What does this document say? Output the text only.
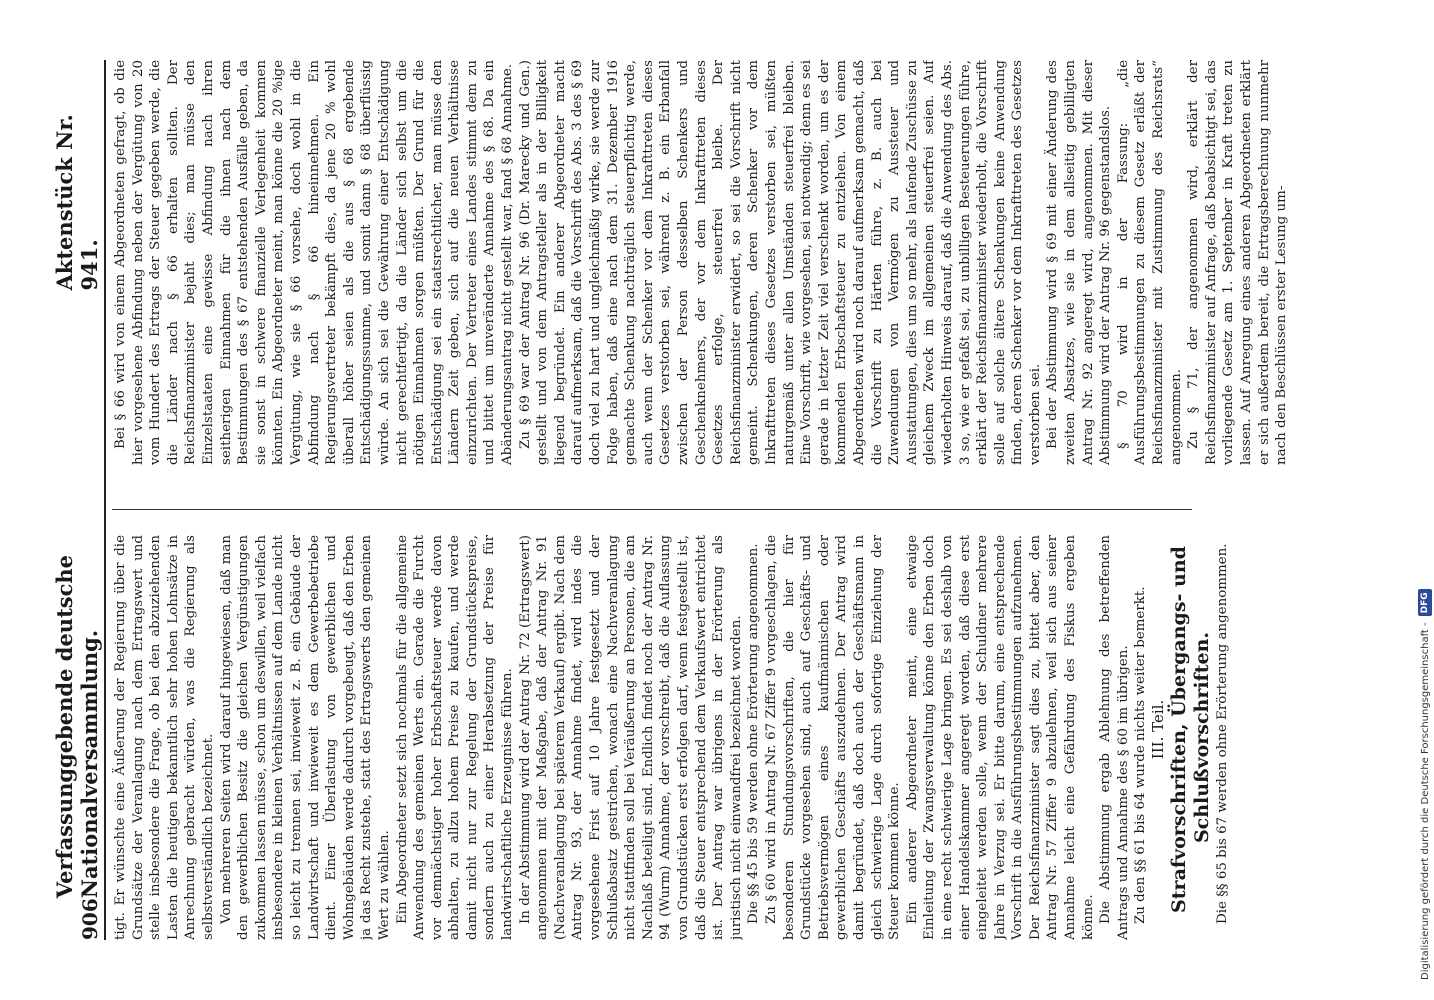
906
Verfassunggebende deutsche Nationalversammlung.
Aktenstück Nr. 941.

tigt. Er wünschte eine Äußerung der Regierung über die Grundsätze der Veranlagung nach dem Ertragswert und stelle insbesondere die Frage, ob bei den abzuziehenden Lasten die heutigen bekanntlich sehr hohen Lohnsätze in Anrechnung gebracht würden, was die Regierung als selbstverständlich bezeichnet. Von mehreren Seiten wird darauf hingewiesen, daß man den gewerblichen Besitz die gleichen Vergünstigungen zukommen lassen müsse, schon um deswillen, weil vielfach insbesondere in kleinen Verhältnissen auf dem Lande nicht so leicht zu trennen sei, inwieweit z. B. ein Gebäude der Landwirtschaft und inwieweit es dem Gewerbebetriebe dient. Einer Überlastung von gewerblichen und Wohngebäuden werde dadurch vorgebeugt, daß den Erben ja das Recht zustehe, statt des Ertragswerts den gemeinen Wert zu wählen. Ein Abgeordneter setzt sich nochmals für die allgemeine Anwendung des gemeinen Werts ein. Gerade die Furcht vor demnächstiger hoher Erbschaftsteuer werde davon abhalten, zu allzu hohem Preise zu kaufen, und werde damit nicht nur zur Regelung der Grundstückspreise, sondern auch zu einer Herabsetzung der Preise für landwirtschaftliche Erzeugnisse führen. In der Abstimmung wird der Antrag Nr. 72 (Ertragswert) angenommen mit der Maßgabe, daß der Antrag Nr. 91 (Nachveranlagung bei späterem Verkauf) ergibt. Nach dem Antrag Nr. 93, der Annahme findet, wird indes die vorgesehene Frist auf 10 Jahre festgesetzt und der Schlußabsatz gestrichen, wonach eine Nachveranlagung nicht stattfinden soll bei Veräußerung an Personen, die am Nachlaß beteiligt sind. Endlich findet noch der Antrag Nr. 94 (Wurm) Annahme, der vorschreibt, daß die Auflassung von Grundstücken erst erfolgen darf, wenn festgestellt ist, daß die Steuer entsprechend dem Verkaufswert entrichtet ist. Der Antrag war übrigens in der Erörterung als juristisch nicht einwandfrei bezeichnet worden. Die §§ 45 bis 59 werden ohne Erörterung angenommen. Zu § 60 wird in Antrag Nr. 67 Ziffer 9 vorgeschlagen, die besonderen Stundungsvorschriften, die hier für Grundstücke vorgesehen sind, auch auf Geschäfts- und Betriebsvermögen eines kaufmännischen oder gewerblichen Geschäfts auszudehnen. Der Antrag wird damit begründet, daß doch auch der Geschäftsmann in gleich schwierige Lage durch sofortige Einziehung der Steuer kommen könne. Ein anderer Abgeordneter meint, eine etwaige Einleitung der Zwangsverwaltung könne den Erben doch in eine recht schwierige Lage bringen. Es sei deshalb von einer Handelskammer angeregt worden, daß diese erst eingeleitet werden solle, wenn der Schuldner mehrere Jahre in Verzug sei. Er bitte darum, eine entsprechende Vorschrift in die Ausführungsbestimmungen aufzunehmen. Der Reichsfinanzminister sagt dies zu, bittet aber, den Antrag Nr. 57 Ziffer 9 abzulehnen, weil sich aus seiner Annahme leicht eine Gefährdung des Fiskus ergeben könne. Die Abstimmung ergab Ablehnung des betreffenden Antrags und Annahme des § 60 im übrigen. Zu den §§ 61 bis 64 wurde nichts weiter bemerkt. III. Teil. Strafvorschriften, Übergangs- und Schlußvorschriften. Die §§ 65 bis 67 werden ohne Erörterung angenommen.

Bei § 66 wird von einem Abgeordneten gefragt, ob die hier vorgesehene Abfindung neben der Vergütung von 20 vom Hundert des Ertrags der Steuer gegeben werde, die die Länder nach § 66 erhalten sollten. Der Reichsfinanzminister bejaht dies; man müsse den Einzelstaaten eine gewisse Abfindung nach ihren seitherigen Einnahmen für die ihnen nach dem Bestimmungen des § 67 entstehenden Ausfälle geben, da sie sonst in schwere finanzielle Verlegenheit kommen könnten. Ein Abgeordneter meint, man könne die 20 %ige Vergütung, wie sie § 66 vorsehe, doch wohl in die Abfindung nach § 66 hineinnehmen. Ein Regierungsvertreter bekämpft dies, da jene 20 % wohl überall höher seien als die aus § 68 ergebende Entschädigungssumme, und somit dann § 68 überflüssig würde. An sich sei die Gewährung einer Entschädigung nicht gerechtfertigt, da die Länder sich selbst um die nötigen Einnahmen sorgen müßten. Der Grund für die Entschädigung sei ein staatsrechtlicher, man müsse den Ländern Zeit geben, sich auf die neuen Verhältnisse einzurichten. Der Vertreter eines Landes stimmt dem zu und bittet um unveränderte Annahme des § 68. Da ein Abänderungsantrag nicht gestellt war, fand § 68 Annahme. Zu § 69 war der Antrag Nr. 96 (Dr. Marecky und Gen.) gestellt und von dem Antragsteller als in der Billigkeit liegend begründet. Ein anderer Abgeordneter macht darauf aufmerksam, daß die Vorschrift des Abs. 3 des § 69 doch viel zu hart und ungleichmäßig wirke, sie werde zur Folge haben, daß eine nach dem 31. Dezember 1916 gemachte Schenkung nachträglich steuerpflichtig werde, auch wenn der Schenker vor dem Inkrafttreten dieses Gesetzes verstorben sei, während z. B. ein Erbanfall zwischen der Person desselben Schenkers und Geschenknehmers, der vor dem Inkrafttreten dieses Gesetzes erfolge, steuerfrei bleibe. Der Reichsfinanzminister erwidert, so sei die Vorschrift nicht gemeint. Schenkungen, deren Schenker vor dem Inkrafttreten dieses Gesetzes verstorben sei, müßten naturgemäß unter allen Umständen steuerfrei bleiben. Eine Vorschrift, wie vorgesehen, sei notwendig; denn es sei gerade in letzter Zeit viel verschenkt worden, um es der kommenden Erbschaftsteuer zu entziehen. Von einem Abgeordneten wird noch darauf aufmerksam gemacht, daß die Vorschrift zu Härten führe, z. B. auch bei Zuwendungen von Vermögen zu Aussteuer und Ausstattungen, dies um so mehr, als laufende Zuschüsse zu gleichem Zweck im allgemeinen steuerfrei seien. Auf wiederholten Hinweis darauf, daß die Anwendung des Abs. 3 so, wie er gefaßt sei, zu unbilligen Besteuerungen führe, erklärt der Reichsfinanzminister wiederholt, die Vorschrift solle auf solche ältere Schenkungen keine Anwendung finden, deren Schenker vor dem Inkrafttreten des Gesetzes verstorben sei. Bei der Abstimmung wird § 69 mit einer Änderung des zweiten Absatzes, wie sie in dem allseitig gebilligten Antrag Nr. 92 angeregt wird, angenommen. Mit dieser Abstimmung wird der Antrag Nr. 96 gegenstandslos. § 70 wird in der Fassung: „die Ausführungsbestimmungen zu diesem Gesetz erläßt der Reichsfinanzminister mit Zustimmung des Reichsrats“ angenommen. Zu § 71, der angenommen wird, erklärt der Reichsfinanzminister auf Anfrage, daß beabsichtigt sei, das vorliegende Gesetz am 1. September in Kraft treten zu lassen. Auf Anregung eines anderen Abgeordneten erklärt er sich außerdem bereit, die Ertragsberechnung nunmehr nach den Beschlüssen erster Lesung um-

Digitalisierung gefördert durch die Deutsche Forschungsgemeinschaft -
DFG
